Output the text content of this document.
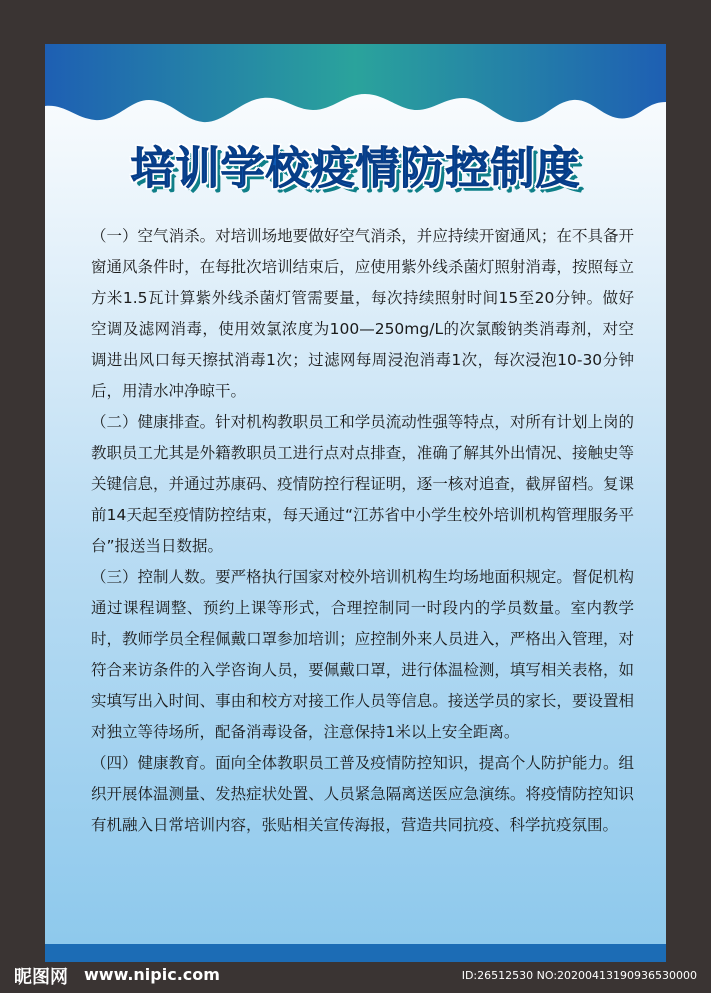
培训学校疫情防控制度

（一）空气消杀。对培训场地要做好空气消杀，并应持续开窗通风；在不具备开窗通风条件时，在每批次培训结束后，应使用紫外线杀菌灯照射消毒，按照每立方米1.5瓦计算紫外线杀菌灯管需要量，每次持续照射时间15至20分钟。做好空调及滤网消毒，使用效氯浓度为100—250mg/L的次氯酸钠类消毒剂，对空调进出风口每天擦拭消毒1次；过滤网每周浸泡消毒1次，每次浸泡10-30分钟后，用清水冲净晾干。

（二）健康排查。针对机构教职员工和学员流动性强等特点，对所有计划上岗的教职员工尤其是外籍教职员工进行点对点排查，准确了解其外出情况、接触史等关键信息，并通过苏康码、疫情防控行程证明，逐一核对追查，截屏留档。复课前14天起至疫情防控结束，每天通过“江苏省中小学生校外培训机构管理服务平台”报送当日数据。

（三）控制人数。要严格执行国家对校外培训机构生均场地面积规定。督促机构通过课程调整、预约上课等形式，合理控制同一时段内的学员数量。室内教学时，教师学员全程佩戴口罩参加培训；应控制外来人员进入，严格出入管理，对符合来访条件的入学咨询人员，要佩戴口罩，进行体温检测，填写相关表格，如实填写出入时间、事由和校方对接工作人员等信息。接送学员的家长，要设置相对独立等待场所，配备消毒设备，注意保持1米以上安全距离。

（四）健康教育。面向全体教职员工普及疫情防控知识，提高个人防护能力。组织开展体温测量、发热症状处置、人员紧急隔离送医应急演练。将疫情防控知识有机融入日常培训内容，张贴相关宣传海报，营造共同抗疫、科学抗疫氛围。

昵图网 www.nipic.com	ID:26512530 NO:20200413190936530000
